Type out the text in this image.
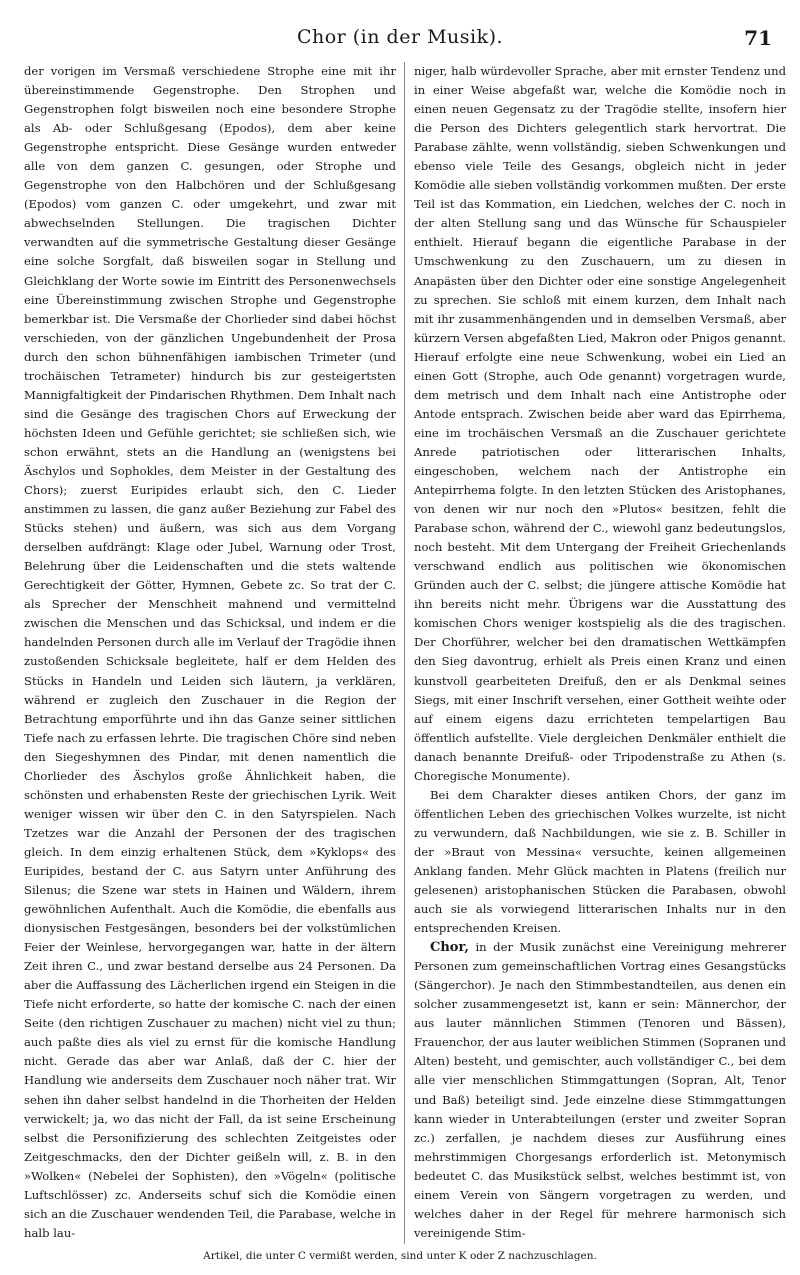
Chor (in der Musik).	71

der vorigen im Versmaß verschiedene Strophe eine mit ihr übereinstimmende Gegenstrophe. Den Strophen und Gegenstrophen folgt bisweilen noch eine besondere Strophe als Ab- oder Schlußgesang (Epodos), dem aber keine Gegenstrophe entspricht. Diese Gesänge wurden entweder alle von dem ganzen C. gesungen, oder Strophe und Gegenstrophe von den Halbchören und der Schlußgesang (Epodos) vom ganzen C. oder umgekehrt, und zwar mit abwechselnden Stellungen. Die tragischen Dichter verwandten auf die symmetrische Gestaltung dieser Gesänge eine solche Sorgfalt, daß bisweilen sogar in Stellung und Gleichklang der Worte sowie im Eintritt des Personenwechsels eine Übereinstimmung zwischen Strophe und Gegenstrophe bemerkbar ist. Die Versmaße der Chorlieder sind dabei höchst verschieden, von der gänzlichen Ungebundenheit der Prosa durch den schon bühnenfähigen iambischen Trimeter (und trochäischen Tetrameter) hindurch bis zur gesteigertsten Mannigfaltigkeit der Pindarischen Rhythmen. Dem Inhalt nach sind die Gesänge des tragischen Chors auf Erweckung der höchsten Ideen und Gefühle gerichtet; sie schließen sich, wie schon erwähnt, stets an die Handlung an (wenigstens bei Äschylos und Sophokles, dem Meister in der Gestaltung des Chors); zuerst Euripides erlaubt sich, den C. Lieder anstimmen zu lassen, die ganz außer Beziehung zur Fabel des Stücks stehen) und äußern, was sich aus dem Vorgang derselben aufdrängt: Klage oder Jubel, Warnung oder Trost, Belehrung über die Leidenschaften und die stets waltende Gerechtigkeit der Götter, Hymnen, Gebete zc. So trat der C. als Sprecher der Menschheit mahnend und vermittelnd zwischen die Menschen und das Schicksal, und indem er die handelnden Personen durch alle im Verlauf der Tragödie ihnen zustoßenden Schicksale begleitete, half er dem Helden des Stücks in Handeln und Leiden sich läutern, ja verklären, während er zugleich den Zuschauer in die Region der Betrachtung emporführte und ihn das Ganze seiner sittlichen Tiefe nach zu erfassen lehrte. Die tragischen Chöre sind neben den Siegeshymnen des Pindar, mit denen namentlich die Chorlieder des Äschylos große Ähnlichkeit haben, die schönsten und erhabensten Reste der griechischen Lyrik. Weit weniger wissen wir über den C. in den Satyrspielen. Nach Tzetzes war die Anzahl der Personen der des tragischen gleich. In dem einzig erhaltenen Stück, dem »Kyklops« des Euripides, bestand der C. aus Satyrn unter Anführung des Silenus; die Szene war stets in Hainen und Wäldern, ihrem gewöhnlichen Aufenthalt. Auch die Komödie, die ebenfalls aus dionysischen Festgesängen, besonders bei der volkstümlichen Feier der Weinlese, hervorgegangen war, hatte in der ältern Zeit ihren C., und zwar bestand derselbe aus 24 Personen. Da aber die Auffassung des Lächerlichen irgend ein Steigen in die Tiefe nicht erforderte, so hatte der komische C. nach der einen Seite (den richtigen Zuschauer zu machen) nicht viel zu thun; auch paßte dies als viel zu ernst für die komische Handlung nicht. Gerade das aber war Anlaß, daß der C. hier der Handlung wie anderseits dem Zuschauer noch näher trat. Wir sehen ihn daher selbst handelnd in die Thorheiten der Helden verwickelt; ja, wo das nicht der Fall, da ist seine Erscheinung selbst die Personifizierung des schlechten Zeitgeistes oder Zeitgeschmacks, den der Dichter geißeln will, z. B. in den »Wolken« (Nebelei der Sophisten), den »Vögeln« (politische Luftschlösser) zc. Anderseits schuf sich die Komödie einen sich an die Zuschauer wendenden Teil, die Parabase, welche in halb lau-

niger, halb würdevoller Sprache, aber mit ernster Tendenz und in einer Weise abgefaßt war, welche die Komödie noch in einen neuen Gegensatz zu der Tragödie stellte, insofern hier die Person des Dichters gelegentlich stark hervortrat. Die Parabase zählte, wenn vollständig, sieben Schwenkungen und ebenso viele Teile des Gesangs, obgleich nicht in jeder Komödie alle sieben vollständig vorkommen mußten. Der erste Teil ist das Kommation, ein Liedchen, welches der C. noch in der alten Stellung sang und das Wünsche für Schauspieler enthielt. Hierauf begann die eigentliche Parabase in der Umschwenkung zu den Zuschauern, um zu diesen in Anapästen über den Dichter oder eine sonstige Angelegenheit zu sprechen. Sie schloß mit einem kurzen, dem Inhalt nach mit ihr zusammenhängenden und in demselben Versmaß, aber kürzern Versen abgefaßten Lied, Makron oder Pnigos genannt. Hierauf erfolgte eine neue Schwenkung, wobei ein Lied an einen Gott (Strophe, auch Ode genannt) vorgetragen wurde, dem metrisch und dem Inhalt nach eine Antistrophe oder Antode entsprach. Zwischen beide aber ward das Epirrhema, eine im trochäischen Versmaß an die Zuschauer gerichtete Anrede patriotischen oder litterarischen Inhalts, eingeschoben, welchem nach der Antistrophe ein Antepirrhema folgte. In den letzten Stücken des Aristophanes, von denen wir nur noch den »Plutos« besitzen, fehlt die Parabase schon, während der C., wiewohl ganz bedeutungslos, noch besteht. Mit dem Untergang der Freiheit Griechenlands verschwand endlich aus politischen wie ökonomischen Gründen auch der C. selbst; die jüngere attische Komödie hat ihn bereits nicht mehr. Übrigens war die Ausstattung des komischen Chors weniger kostspielig als die des tragischen. Der Chorführer, welcher bei den dramatischen Wettkämpfen den Sieg davontrug, erhielt als Preis einen Kranz und einen kunstvoll gearbeiteten Dreifuß, den er als Denkmal seines Siegs, mit einer Inschrift versehen, einer Gottheit weihte oder auf einem eigens dazu errichteten tempelartigen Bau öffentlich aufstellte. Viele dergleichen Denkmäler enthielt die danach benannte Dreifuß- oder Tripodenstraße zu Athen (s. Choregische Monumente).

Bei dem Charakter dieses antiken Chors, der ganz im öffentlichen Leben des griechischen Volkes wurzelte, ist nicht zu verwundern, daß Nachbildungen, wie sie z. B. Schiller in der »Braut von Messina« versuchte, keinen allgemeinen Anklang fanden. Mehr Glück machten in Platens (freilich nur gelesenen) aristophanischen Stücken die Parabasen, obwohl auch sie als vorwiegend litterarischen Inhalts nur in den entsprechenden Kreisen.

Chor, in der Musik zunächst eine Vereinigung mehrerer Personen zum gemeinschaftlichen Vortrag eines Gesangstücks (Sängerchor). Je nach den Stimmbestandteilen, aus denen ein solcher zusammengesetzt ist, kann er sein: Männerchor, der aus lauter männlichen Stimmen (Tenoren und Bässen), Frauenchor, der aus lauter weiblichen Stimmen (Sopranen und Alten) besteht, und gemischter, auch vollständiger C., bei dem alle vier menschlichen Stimmgattungen (Sopran, Alt, Tenor und Baß) beteiligt sind. Jede einzelne diese Stimmgattungen kann wieder in Unterabteilungen (erster und zweiter Sopran zc.) zerfallen, je nachdem dieses zur Ausführung eines mehrstimmigen Chorgesangs erforderlich ist. Metonymisch bedeutet C. das Musikstück selbst, welches bestimmt ist, von einem Verein von Sängern vorgetragen zu werden, und welches daher in der Regel für mehrere harmonisch sich vereinigende Stim-

Artikel, die unter C vermißt werden, sind unter K oder Z nachzuschlagen.
